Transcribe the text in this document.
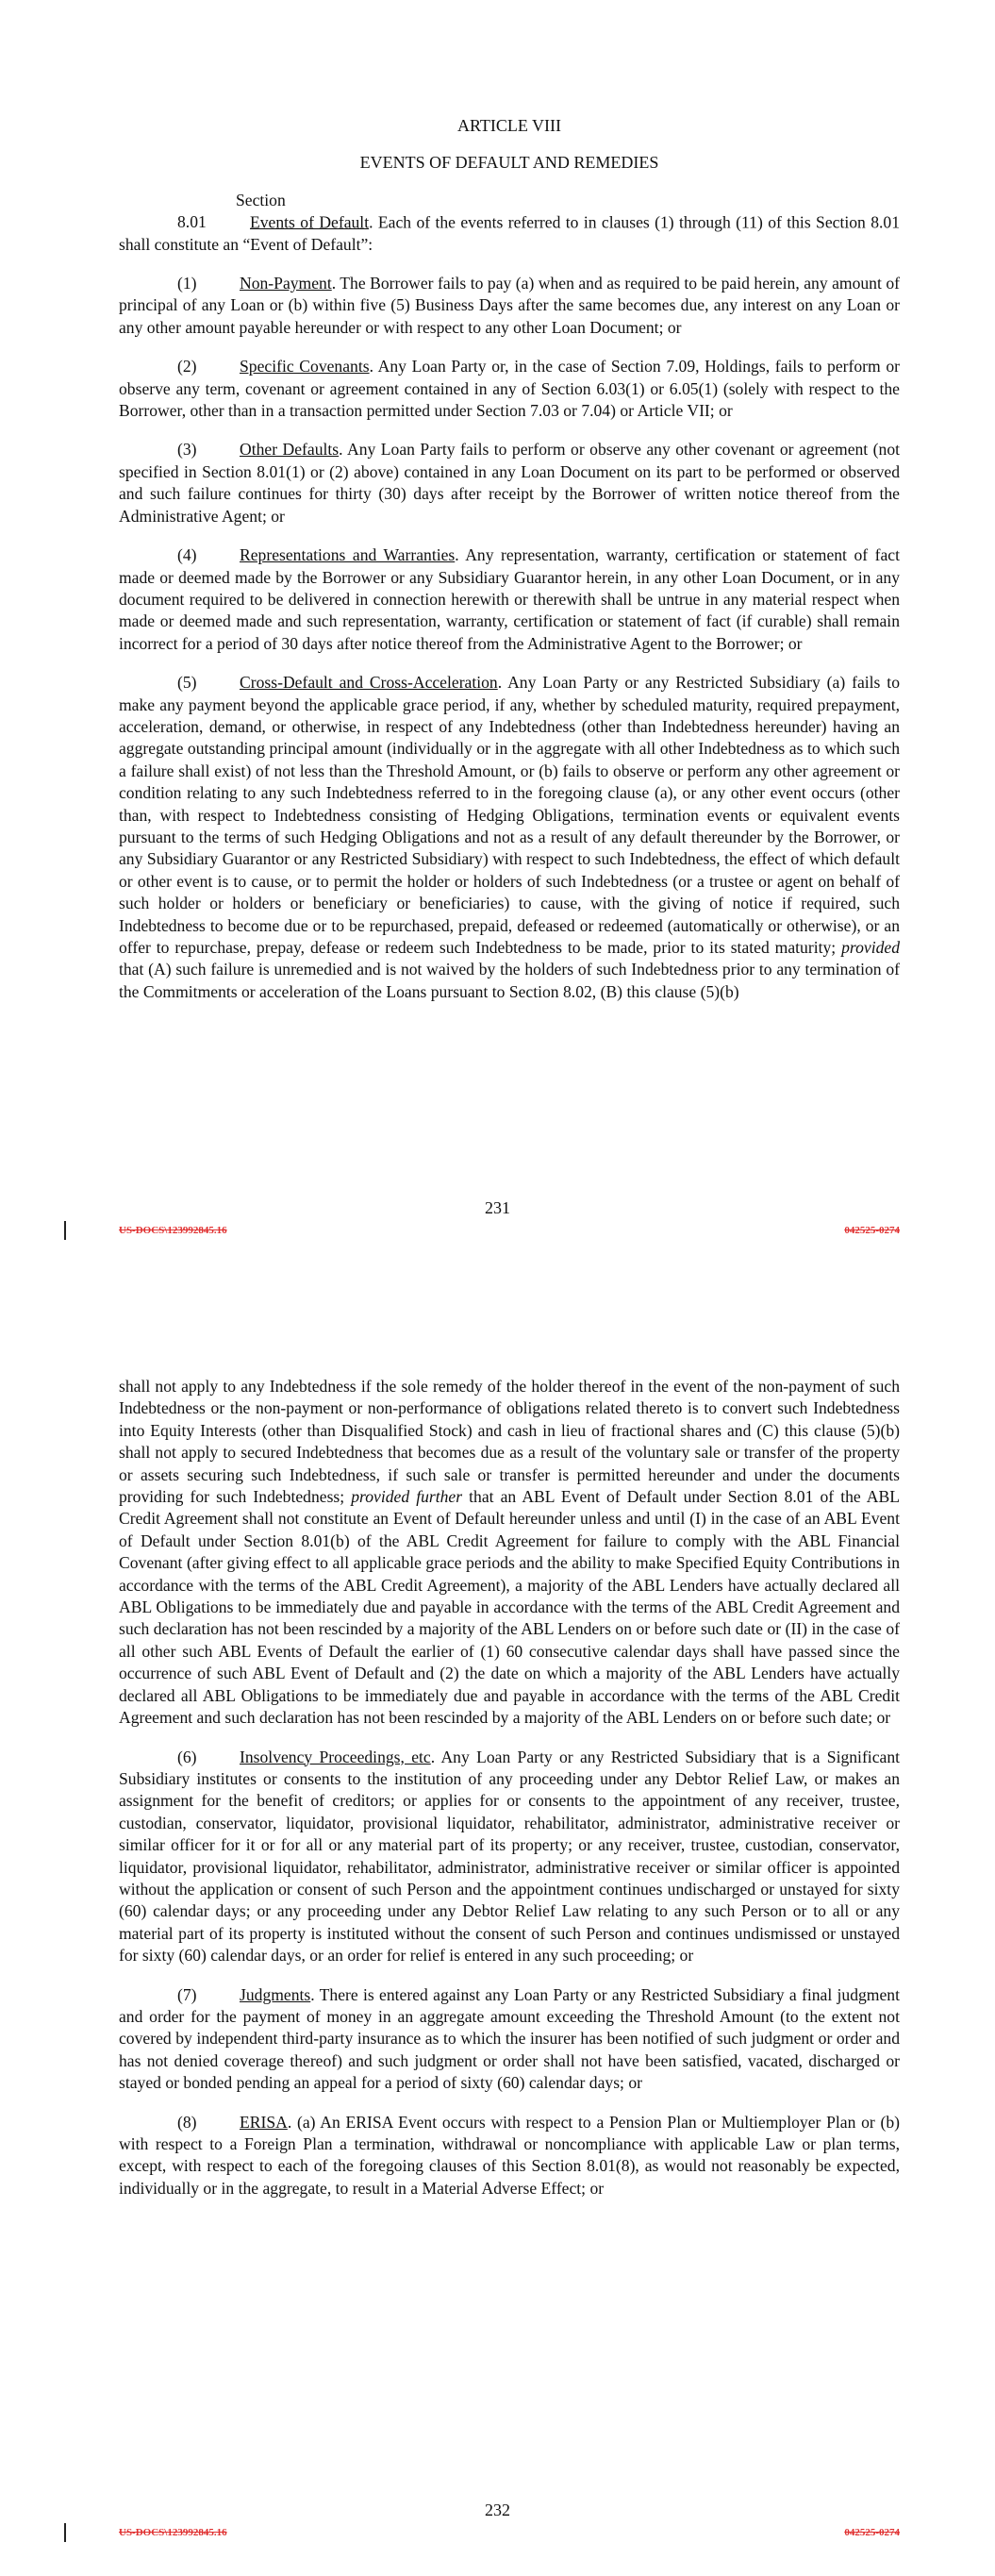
ARTICLE VIII

EVENTS OF DEFAULT AND REMEDIES

Section 8.01	Events of Default. Each of the events referred to in clauses (1) through (11) of this Section 8.01 shall constitute an “Event of Default”:

(1)	Non-Payment. The Borrower fails to pay (a) when and as required to be paid herein, any amount of principal of any Loan or (b) within five (5) Business Days after the same becomes due, any interest on any Loan or any other amount payable hereunder or with respect to any other Loan Document; or

(2)	Specific Covenants. Any Loan Party or, in the case of Section 7.09, Holdings, fails to perform or observe any term, covenant or agreement contained in any of Section 6.03(1) or 6.05(1) (solely with respect to the Borrower, other than in a transaction permitted under Section 7.03 or 7.04) or Article VII; or

(3)	Other Defaults. Any Loan Party fails to perform or observe any other covenant or agreement (not specified in Section 8.01(1) or (2) above) contained in any Loan Document on its part to be performed or observed and such failure continues for thirty (30) days after receipt by the Borrower of written notice thereof from the Administrative Agent; or

(4)	Representations and Warranties. Any representation, warranty, certification or statement of fact made or deemed made by the Borrower or any Subsidiary Guarantor herein, in any other Loan Document, or in any document required to be delivered in connection herewith or therewith shall be untrue in any material respect when made or deemed made and such representation, warranty, certification or statement of fact (if curable) shall remain incorrect for a period of 30 days after notice thereof from the Administrative Agent to the Borrower; or

(5)	Cross-Default and Cross-Acceleration. Any Loan Party or any Restricted Subsidiary (a) fails to make any payment beyond the applicable grace period, if any, whether by scheduled maturity, required prepayment, acceleration, demand, or otherwise, in respect of any Indebtedness (other than Indebtedness hereunder) having an aggregate outstanding principal amount (individually or in the aggregate with all other Indebtedness as to which such a failure shall exist) of not less than the Threshold Amount, or (b) fails to observe or perform any other agreement or condition relating to any such Indebtedness referred to in the foregoing clause (a), or any other event occurs (other than, with respect to Indebtedness consisting of Hedging Obligations, termination events or equivalent events pursuant to the terms of such Hedging Obligations and not as a result of any default thereunder by the Borrower, or any Subsidiary Guarantor or any Restricted Subsidiary) with respect to such Indebtedness, the effect of which default or other event is to cause, or to permit the holder or holders of such Indebtedness (or a trustee or agent on behalf of such holder or holders or beneficiary or beneficiaries) to cause, with the giving of notice if required, such Indebtedness to become due or to be repurchased, prepaid, defeased or redeemed (automatically or otherwise), or an offer to repurchase, prepay, defease or redeem such Indebtedness to be made, prior to its stated maturity; provided that (A) such failure is unremedied and is not waived by the holders of such Indebtedness prior to any termination of the Commitments or acceleration of the Loans pursuant to Section 8.02, (B) this clause (5)(b)

231
US-DOCS\123992845.16	042525-0274

shall not apply to any Indebtedness if the sole remedy of the holder thereof in the event of the non-payment of such Indebtedness or the non-payment or non-performance of obligations related thereto is to convert such Indebtedness into Equity Interests (other than Disqualified Stock) and cash in lieu of fractional shares and (C) this clause (5)(b) shall not apply to secured Indebtedness that becomes due as a result of the voluntary sale or transfer of the property or assets securing such Indebtedness, if such sale or transfer is permitted hereunder and under the documents providing for such Indebtedness; provided further that an ABL Event of Default under Section 8.01 of the ABL Credit Agreement shall not constitute an Event of Default hereunder unless and until (I) in the case of an ABL Event of Default under Section 8.01(b) of the ABL Credit Agreement for failure to comply with the ABL Financial Covenant (after giving effect to all applicable grace periods and the ability to make Specified Equity Contributions in accordance with the terms of the ABL Credit Agreement), a majority of the ABL Lenders have actually declared all ABL Obligations to be immediately due and payable in accordance with the terms of the ABL Credit Agreement and such declaration has not been rescinded by a majority of the ABL Lenders on or before such date or (II) in the case of all other such ABL Events of Default the earlier of (1) 60 consecutive calendar days shall have passed since the occurrence of such ABL Event of Default and (2) the date on which a majority of the ABL Lenders have actually declared all ABL Obligations to be immediately due and payable in accordance with the terms of the ABL Credit Agreement and such declaration has not been rescinded by a majority of the ABL Lenders on or before such date; or

(6)	Insolvency Proceedings, etc. Any Loan Party or any Restricted Subsidiary that is a Significant Subsidiary institutes or consents to the institution of any proceeding under any Debtor Relief Law, or makes an assignment for the benefit of creditors; or applies for or consents to the appointment of any receiver, trustee, custodian, conservator, liquidator, provisional liquidator, rehabilitator, administrator, administrative receiver or similar officer for it or for all or any material part of its property; or any receiver, trustee, custodian, conservator, liquidator, provisional liquidator, rehabilitator, administrator, administrative receiver or similar officer is appointed without the application or consent of such Person and the appointment continues undischarged or unstayed for sixty (60) calendar days; or any proceeding under any Debtor Relief Law relating to any such Person or to all or any material part of its property is instituted without the consent of such Person and continues undismissed or unstayed for sixty (60) calendar days, or an order for relief is entered in any such proceeding; or

(7)	Judgments. There is entered against any Loan Party or any Restricted Subsidiary a final judgment and order for the payment of money in an aggregate amount exceeding the Threshold Amount (to the extent not covered by independent third-party insurance as to which the insurer has been notified of such judgment or order and has not denied coverage thereof) and such judgment or order shall not have been satisfied, vacated, discharged or stayed or bonded pending an appeal for a period of sixty (60) calendar days; or

(8)	ERISA. (a) An ERISA Event occurs with respect to a Pension Plan or Multiemployer Plan or (b) with respect to a Foreign Plan a termination, withdrawal or noncompliance with applicable Law or plan terms, except, with respect to each of the foregoing clauses of this Section 8.01(8), as would not reasonably be expected, individually or in the aggregate, to result in a Material Adverse Effect; or

232
US-DOCS\123992845.16	042525-0274
